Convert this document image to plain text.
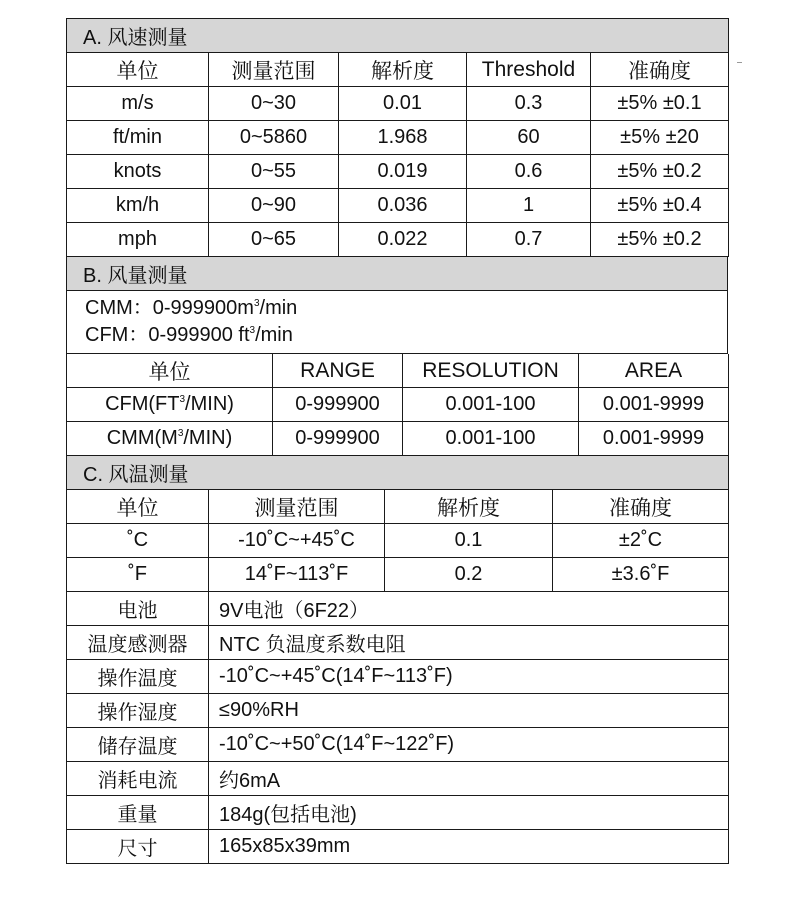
A. 风速测量				
单位	测量范围	解析度	Threshold	准确度
m/s	0~30	0.01	0.3	±5% ±0.1
ft/min	0~5860	1.968	60	±5% ±20
knots	0~55	0.019	0.6	±5% ±0.2
km/h	0~90	0.036	1	±5% ±0.4
mph	0~65	0.022	0.7	±5% ±0.2
B. 风量测量
CMM：$0-999900m^3/\min$
CFM：0-999900 $ft^3/\min$
单位	RANGE	RESOLUTION	AREA
$CFM(FT^3/MIN)$	0-999900	0.001-100	0.001-9999
$CMM(M^3/MIN)$	0-999900	0.001-100	0.001-9999
C. 风温测量			
单位	测量范围	解析度	准确度
˚C	-10˚C~+45˚C	0.1	±2˚C
˚F	14˚F~113˚F	0.2	±3.6˚F
电池	9V电池（6F22）
温度感测器	NTC 负温度系数电阻
操作温度	-10˚C~+45˚C(14˚F~113˚F)
操作湿度	≤90%RH
储存温度	-10˚C~+50˚C(14˚F~122˚F)
消耗电流	约6mA
重量	184g(包括电池)
尺寸	165x85x39mm
